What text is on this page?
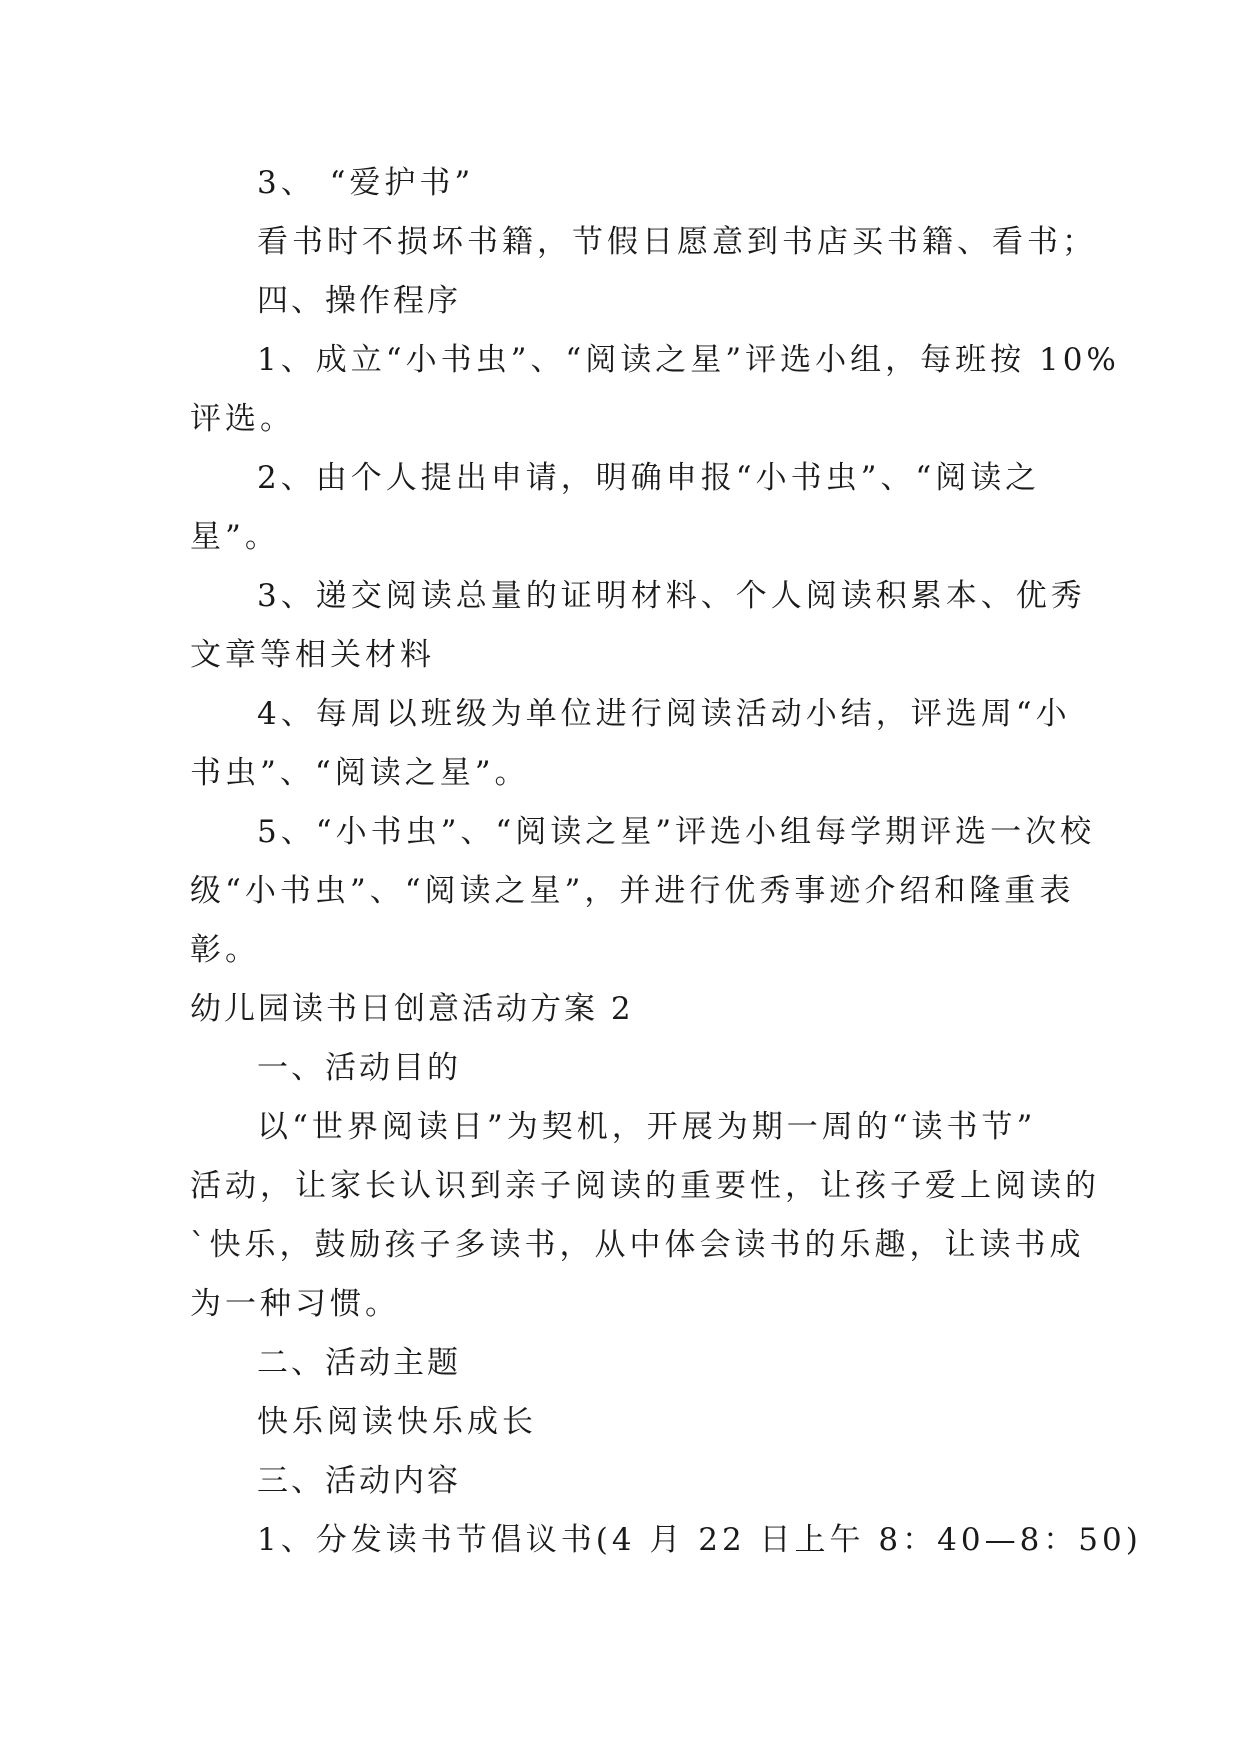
3、 “爱护书”

看书时不损坏书籍，节假日愿意到书店买书籍、看书；

四、操作程序

1、成立“小书虫”、“阅读之星”评选小组，每班按 10%

评选。

2、由个人提出申请，明确申报“小书虫”、“阅读之

星”。

3、递交阅读总量的证明材料、个人阅读积累本、优秀

文章等相关材料

4、每周以班级为单位进行阅读活动小结，评选周“小

书虫”、“阅读之星”。

5、“小书虫”、“阅读之星”评选小组每学期评选一次校

级“小书虫”、“阅读之星”，并进行优秀事迹介绍和隆重表

彰。

幼儿园读书日创意活动方案 2

一、活动目的

以“世界阅读日”为契机，开展为期一周的“读书节”

活动，让家长认识到亲子阅读的重要性，让孩子爱上阅读的

`快乐，鼓励孩子多读书，从中体会读书的乐趣，让读书成

为一种习惯。

二、活动主题

快乐阅读快乐成长

三、活动内容

1、分发读书节倡议书(4 月 22 日上午 8：40—8：50)
